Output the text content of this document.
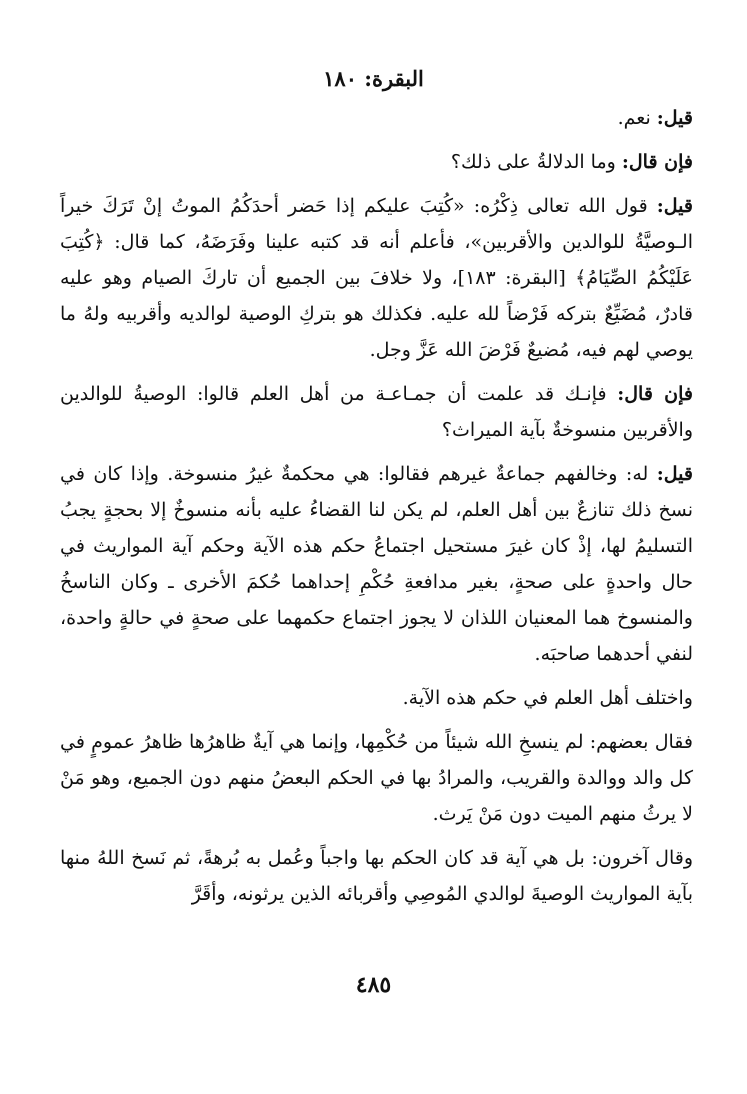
البقرة: ١٨٠

قيل: نعم.

فإن قال: وما الدلالةُ على ذلك؟

قيل: قول الله تعالى ذِكْرُه: «كُتِبَ عليكم إذا حَضر أحدَكُمُ الموتُ إنْ تَرَكَ خيراً الـوصيَّةُ للوالدين والأقربين»، فأعلم أنه قد كتبه علينا وفَرَضَهُ، كما قال: ﴿كُتِبَ عَلَيْكُمُ الصِّيَامُ﴾ [البقرة: ١٨٣]، ولا خلافَ بين الجميع أن تاركَ الصيام وهو عليه قادرٌ، مُضَيِّعٌ بتركه فَرْضاً لله عليه. فكذلك هو بتركِ الوصية لوالديه وأقربيه ولهُ ما يوصي لهم فيه، مُضيعٌ فَرْضَ الله عَزَّ وجل.

فإن قال: فإنـك قد علمت أن جمـاعـة من أهل العلم قالوا: الوصيةُ للوالدين والأقربين منسوخةٌ بآية الميراث؟

قيل: له: وخالفهم جماعةٌ غيرهم فقالوا: هي محكمةٌ غيرُ منسوخة. وإذا كان في نسخ ذلك تنازعٌ بين أهل العلم، لم يكن لنا القضاءُ عليه بأنه منسوخٌ إلا بحجةٍ يجبُ التسليمُ لها، إذْ كان غيرَ مستحيل اجتماعُ حكم هذه الآية وحكم آية المواريث في حال واحدةٍ على صحةٍ، بغير مدافعةِ حُكْمِ إحداهما حُكمَ الأخرى ـ وكان الناسخُ والمنسوخ هما المعنيان اللذان لا يجوز اجتماع حكمهما على صحةٍ في حالةٍ واحدة، لنفي أحدهما صاحبَه.

واختلف أهل العلم في حكم هذه الآية.

فقال بعضهم: لم ينسخِ الله شيئاً من حُكْمِها، وإنما هي آيةٌ ظاهرُها ظاهرُ عمومٍ في كل والد ووالدة والقريب، والمرادُ بها في الحكم البعضُ منهم دون الجميع، وهو مَنْ لا يرثُ منهم الميت دون مَنْ يَرث.

وقال آخرون: بل هي آية قد كان الحكم بها واجباً وعُمل به بُرهةً، ثم نَسخ اللهُ منها بآية المواريث الوصيةَ لوالدي المُوصِي وأقربائه الذين يرثونه، وأقَرَّ

٤٨٥
